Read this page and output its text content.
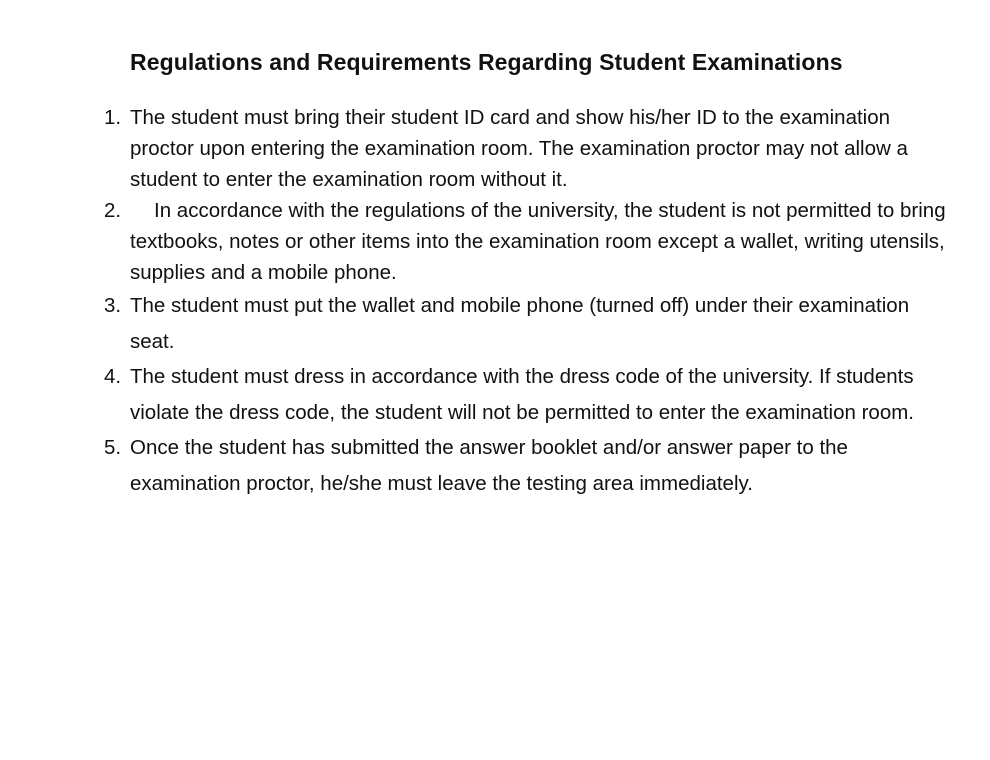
Regulations and Requirements Regarding Student Examinations
1. The student must bring their student ID card and show his/her ID to the examination proctor upon entering the examination room. The examination proctor may not allow a student to enter the examination room without it.
2.	In accordance with the regulations of the university, the student is not permitted to bring textbooks, notes or other items into the examination room except a wallet, writing utensils, supplies and a mobile phone.
3. The student must put the wallet and mobile phone (turned off) under their examination seat.
4. The student must dress in accordance with the dress code of the university. If students violate the dress code, the student will not be permitted to enter the examination room.
5. Once the student has submitted the answer booklet and/or answer paper to the examination proctor, he/she must leave the testing area immediately.
